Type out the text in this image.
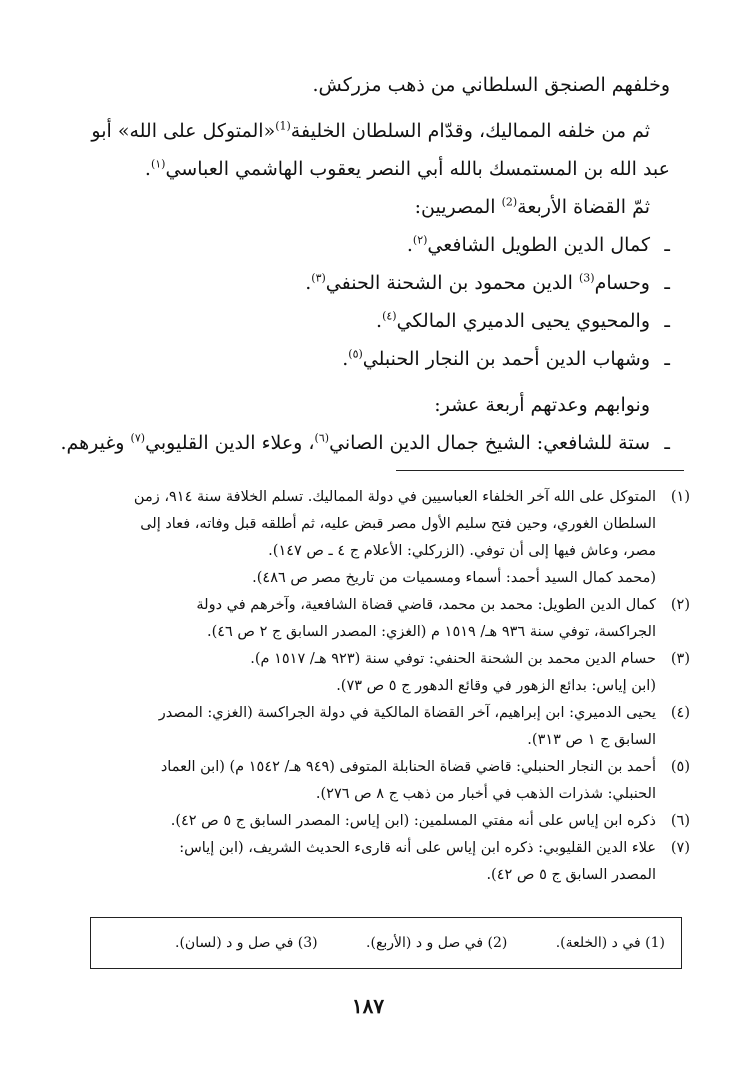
وخلفهم الصنجق السلطاني من ذهب مزركش.

ثم من خلفه المماليك، وقدّام السلطان الخليفة$^{(1)}$«المتوكل على الله» أبو

عبد الله بن المستمسك بالله أبي النصر يعقوب الهاشمي العباسي$^{(١)}$.

ثمّ القضاة الأربعة$^{(2)}$ المصريين:

ـ
كمال الدين الطويل الشافعي$^{(٢)}$.
ـ
وحسام$^{(3)}$ الدين محمود بن الشحنة الحنفي$^{(٣)}$.
ـ
والمحيوي يحيى الدميري المالكي$^{(٤)}$.
ـ
وشهاب الدين أحمد بن النجار الحنبلي$^{(٥)}$.

ونوابهم وعدتهم أربعة عشر:

ـ
ستة للشافعي: الشيخ جمال الدين الصاني$^{(٦)}$، وعلاء الدين القليوبي$^{(٧)}$ وغيرهم.
(١)
المتوكل على الله آخر الخلفاء العباسيين في دولة المماليك. تسلم الخلافة سنة ٩١٤، زمن
السلطان الغوري، وحين فتح سليم الأول مصر قبض عليه، ثم أطلقه قبل وفاته، فعاد إلى
مصر، وعاش فيها إلى أن توفي. (الزركلي: الأعلام ج ٤ ـ ص ١٤٧).
(محمد كمال السيد أحمد: أسماء ومسميات من تاريخ مصر ص ٤٨٦).
(٢)
كمال الدين الطويل: محمد بن محمد، قاضي قضاة الشافعية، وآخرهم في دولة
الجراكسة، توفي سنة ٩٣٦ هـ/ ١٥١٩ م (الغزي: المصدر السابق ج ٢ ص ٤٦).
(٣)
حسام الدين محمد بن الشحنة الحنفي: توفي سنة (٩٢٣ هـ/ ١٥١٧ م).
(ابن إياس: بدائع الزهور في وقائع الدهور ج ٥ ص ٧٣).
(٤)
يحيى الدميري: ابن إبراهيم، آخر القضاة المالكية في دولة الجراكسة (الغزي: المصدر
السابق ج ١ ص ٣١٣).
(٥)
أحمد بن النجار الحنبلي: قاضي قضاة الحنابلة المتوفى (٩٤٩ هـ/ ١٥٤٢ م) (ابن العماد
الحنبلي: شذرات الذهب في أخبار من ذهب ج ٨ ص ٢٧٦).
(٦)
ذكره ابن إياس على أنه مفتي المسلمين: (ابن إياس: المصدر السابق ج ٥ ص ٤٢).
(٧)
علاء الدين القليوبي: ذكره ابن إياس على أنه قارىء الحديث الشريف، (ابن إياس:
المصدر السابق ج ٥ ص ٤٢).
(1) في د (الخلعة).
(2) في صل و د (الأربع).
(3) في صل و د (لسان).
١٨٧
